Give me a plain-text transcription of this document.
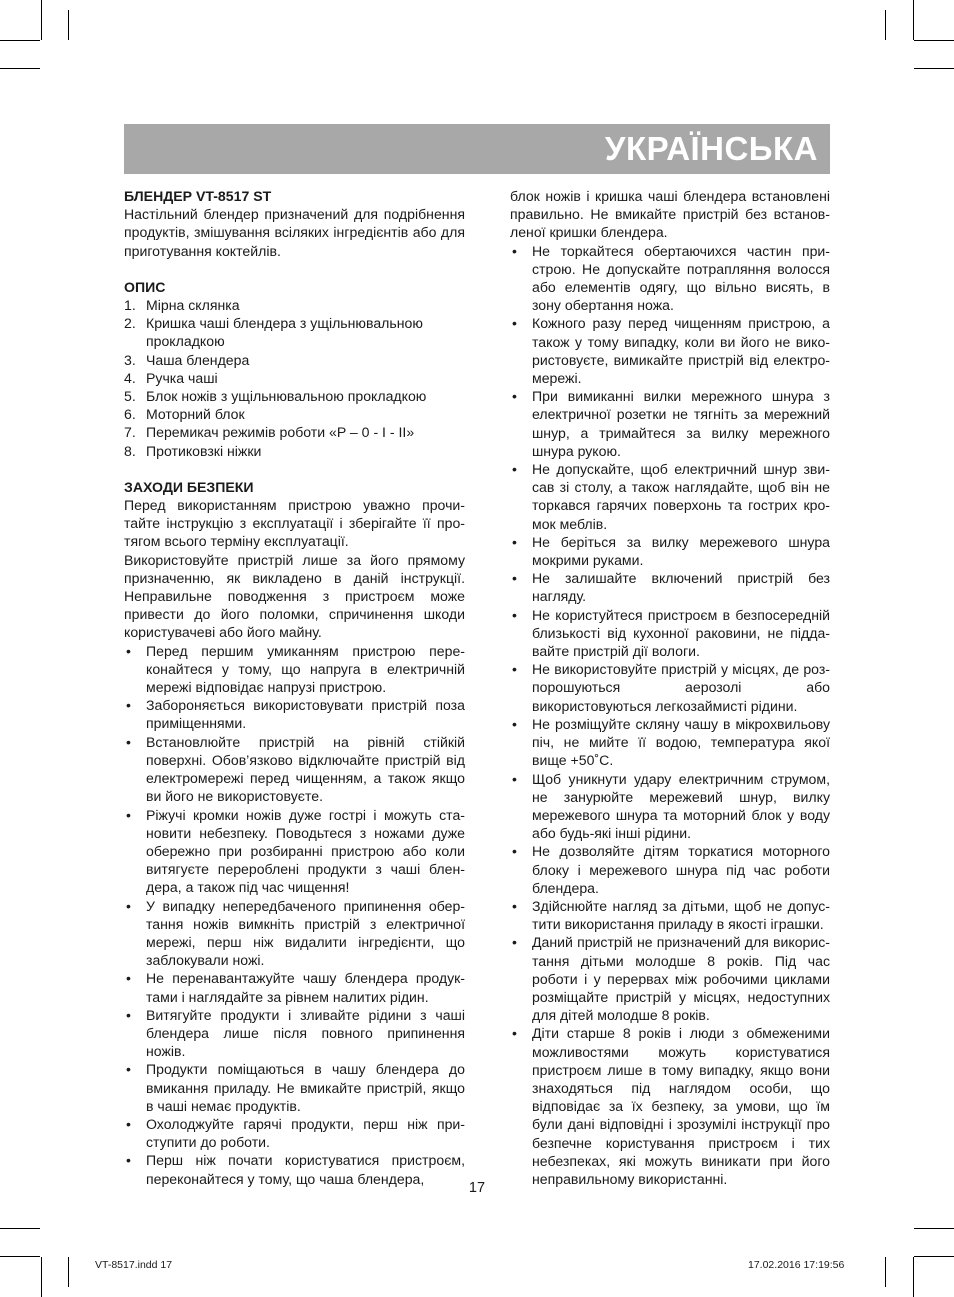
УКРАЇНСЬКА

БЛЕНДЕР VT-8517 ST

Настільний блендер призначений для подрібнення продуктів, змішування всіляких інгредієнтів або для приготування коктейлів.

ОПИС

1. Мірна склянка
2. Кришка чаші блендера з ущільнювальною прокладкою
3. Чаша блендера
4. Ручка чаші
5. Блок ножів з ущільнювальною прокладкою
6. Моторний блок
7. Перемикач режимів роботи «P – 0 - I - II»
8. Протиковзкі ніжки

ЗАХОДИ БЕЗПЕКИ

Перед використанням пристрою уважно прочитайте інструкцію з експлуатації і зберігайте її протягом всього терміну експлуатації.

Використовуйте пристрій лише за його прямому призначенню, як викладено в даній інструкції. Неправильне поводження з пристроєм може привести до його поломки, спричинення шкоди користувачеві або його майну.

• Перед першим умиканням пристрою переконайтеся у тому, що напруга в електричній мережі відповідає напрузі пристрою.
• Забороняється використовувати пристрій поза приміщеннями.
• Встановлюйте пристрій на рівній стійкій поверхні. Обов’язково відключайте пристрій від електромережі перед чищенням, а також якщо ви його не використовуєте.
• Ріжучі кромки ножів дуже гострі і можуть становити небезпеку. Поводьтеся з ножами дуже обережно при розбиранні пристрою або коли витягуєте перероблені продукти з чаші блендера, а також під час чищення!
• У випадку непередбаченого припинення обертання ножів вимкніть пристрій з електричної мережі, перш ніж видалити інгредієнти, що заблокували ножі.
• Не перенавантажуйте чашу блендера продуктами і наглядайте за рівнем налитих рідин.
• Витягуйте продукти і зливайте рідини з чаші блендера лише після повного припинення ножів.
• Продукти поміщаються в чашу блендера до вмикання приладу. Не вмикайте пристрій, якщо в чаші немає продуктів.
• Охолоджуйте гарячі продукти, перш ніж приступити до роботи.
• Перш ніж почати користуватися пристроєм, переконайтеся у тому, що чаша блендера,

блок ножів і кришка чаші блендера встановлені правильно. Не вмикайте пристрій без встановленої кришки блендера.

• Не торкайтеся обертаючихся частин пристрою. Не допускайте потрапляння волосся або елементів одягу, що вільно висять, в зону обертання ножа.
• Кожного разу перед чищенням пристрою, а також у тому випадку, коли ви його не використовуєте, вимикайте пристрій від електромережі.
• При вимиканні вилки мережного шнура з електричної розетки не тягніть за мережний шнур, а тримайтеся за вилку мережного шнура рукою.
• Не допускайте, щоб електричний шнур звисав зі столу, а також наглядайте, щоб він не торкався гарячих поверхонь та гострих кромок меблів.
• Не беріться за вилку мережевого шнура мокрими руками.
• Не залишайте включений пристрій без нагляду.
• Не користуйтеся пристроєм в безпосередній близькості від кухонної раковини, не піддавайте пристрій дії вологи.
• Не використовуйте пристрій у місцях, де розпорошуються аерозолі або використовуються легкозаймисті рідини.
• Не розміщуйте скляну чашу в мікрохвильову піч, не мийте її водою, температура якої вище +50˚С.
• Щоб уникнути удару електричним струмом, не занурюйте мережевий шнур, вилку мережевого шнура та моторний блок у воду або будь-які інші рідини.
• Не дозволяйте дітям торкатися моторного блоку і мережевого шнура під час роботи блендера.
• Здійснюйте нагляд за дітьми, щоб не допустити використання приладу в якості іграшки.
• Даний пристрій не призначений для використання дітьми молодше 8 років. Під час роботи і у перервах між робочими циклами розміщайте пристрій у місцях, недоступних для дітей молодше 8 років.
• Діти старше 8 років і люди з обмеженими можливостями можуть користуватися пристроєм лише в тому випадку, якщо вони знаходяться під наглядом особи, що відповідає за їх безпеку, за умови, що їм були дані відповідні і зрозумілі інструкції про безпечне користування пристроєм і тих небезпеках, які можуть виникати при його неправильному використанні.
17
VT-8517.indd 17	17.02.2016 17:19:56
